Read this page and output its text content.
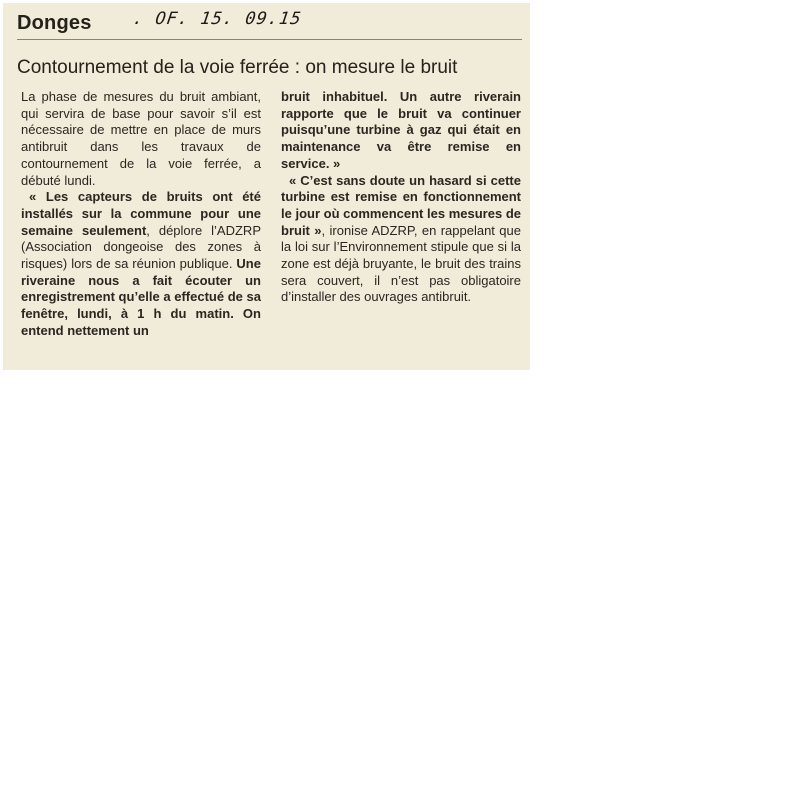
Donges . OF. 15. 09.15
Contournement de la voie ferrée : on mesure le bruit

La phase de mesures du bruit ambiant, qui servira de base pour savoir s’il est nécessaire de mettre en place de murs antibruit dans les travaux de contournement de la voie ferrée, a débuté lundi.

« Les capteurs de bruits ont été installés sur la commune pour une semaine seulement, déplore l’ADZRP (Association dongeoise des zones à risques) lors de sa réunion publique. Une riveraine nous a fait écouter un enregistrement qu’elle a effectué de sa fenêtre, lundi, à 1 h du matin. On entend nettement un

bruit inhabituel. Un autre riverain rapporte que le bruit va continuer puisqu’une turbine à gaz qui était en maintenance va être remise en service. »

« C’est sans doute un hasard si cette turbine est remise en fonctionnement le jour où commencent les mesures de bruit », ironise ADZRP, en rappelant que la loi sur l’Environnement stipule que si la zone est déjà bruyante, le bruit des trains sera couvert, il n’est pas obligatoire d’installer des ouvrages antibruit.
